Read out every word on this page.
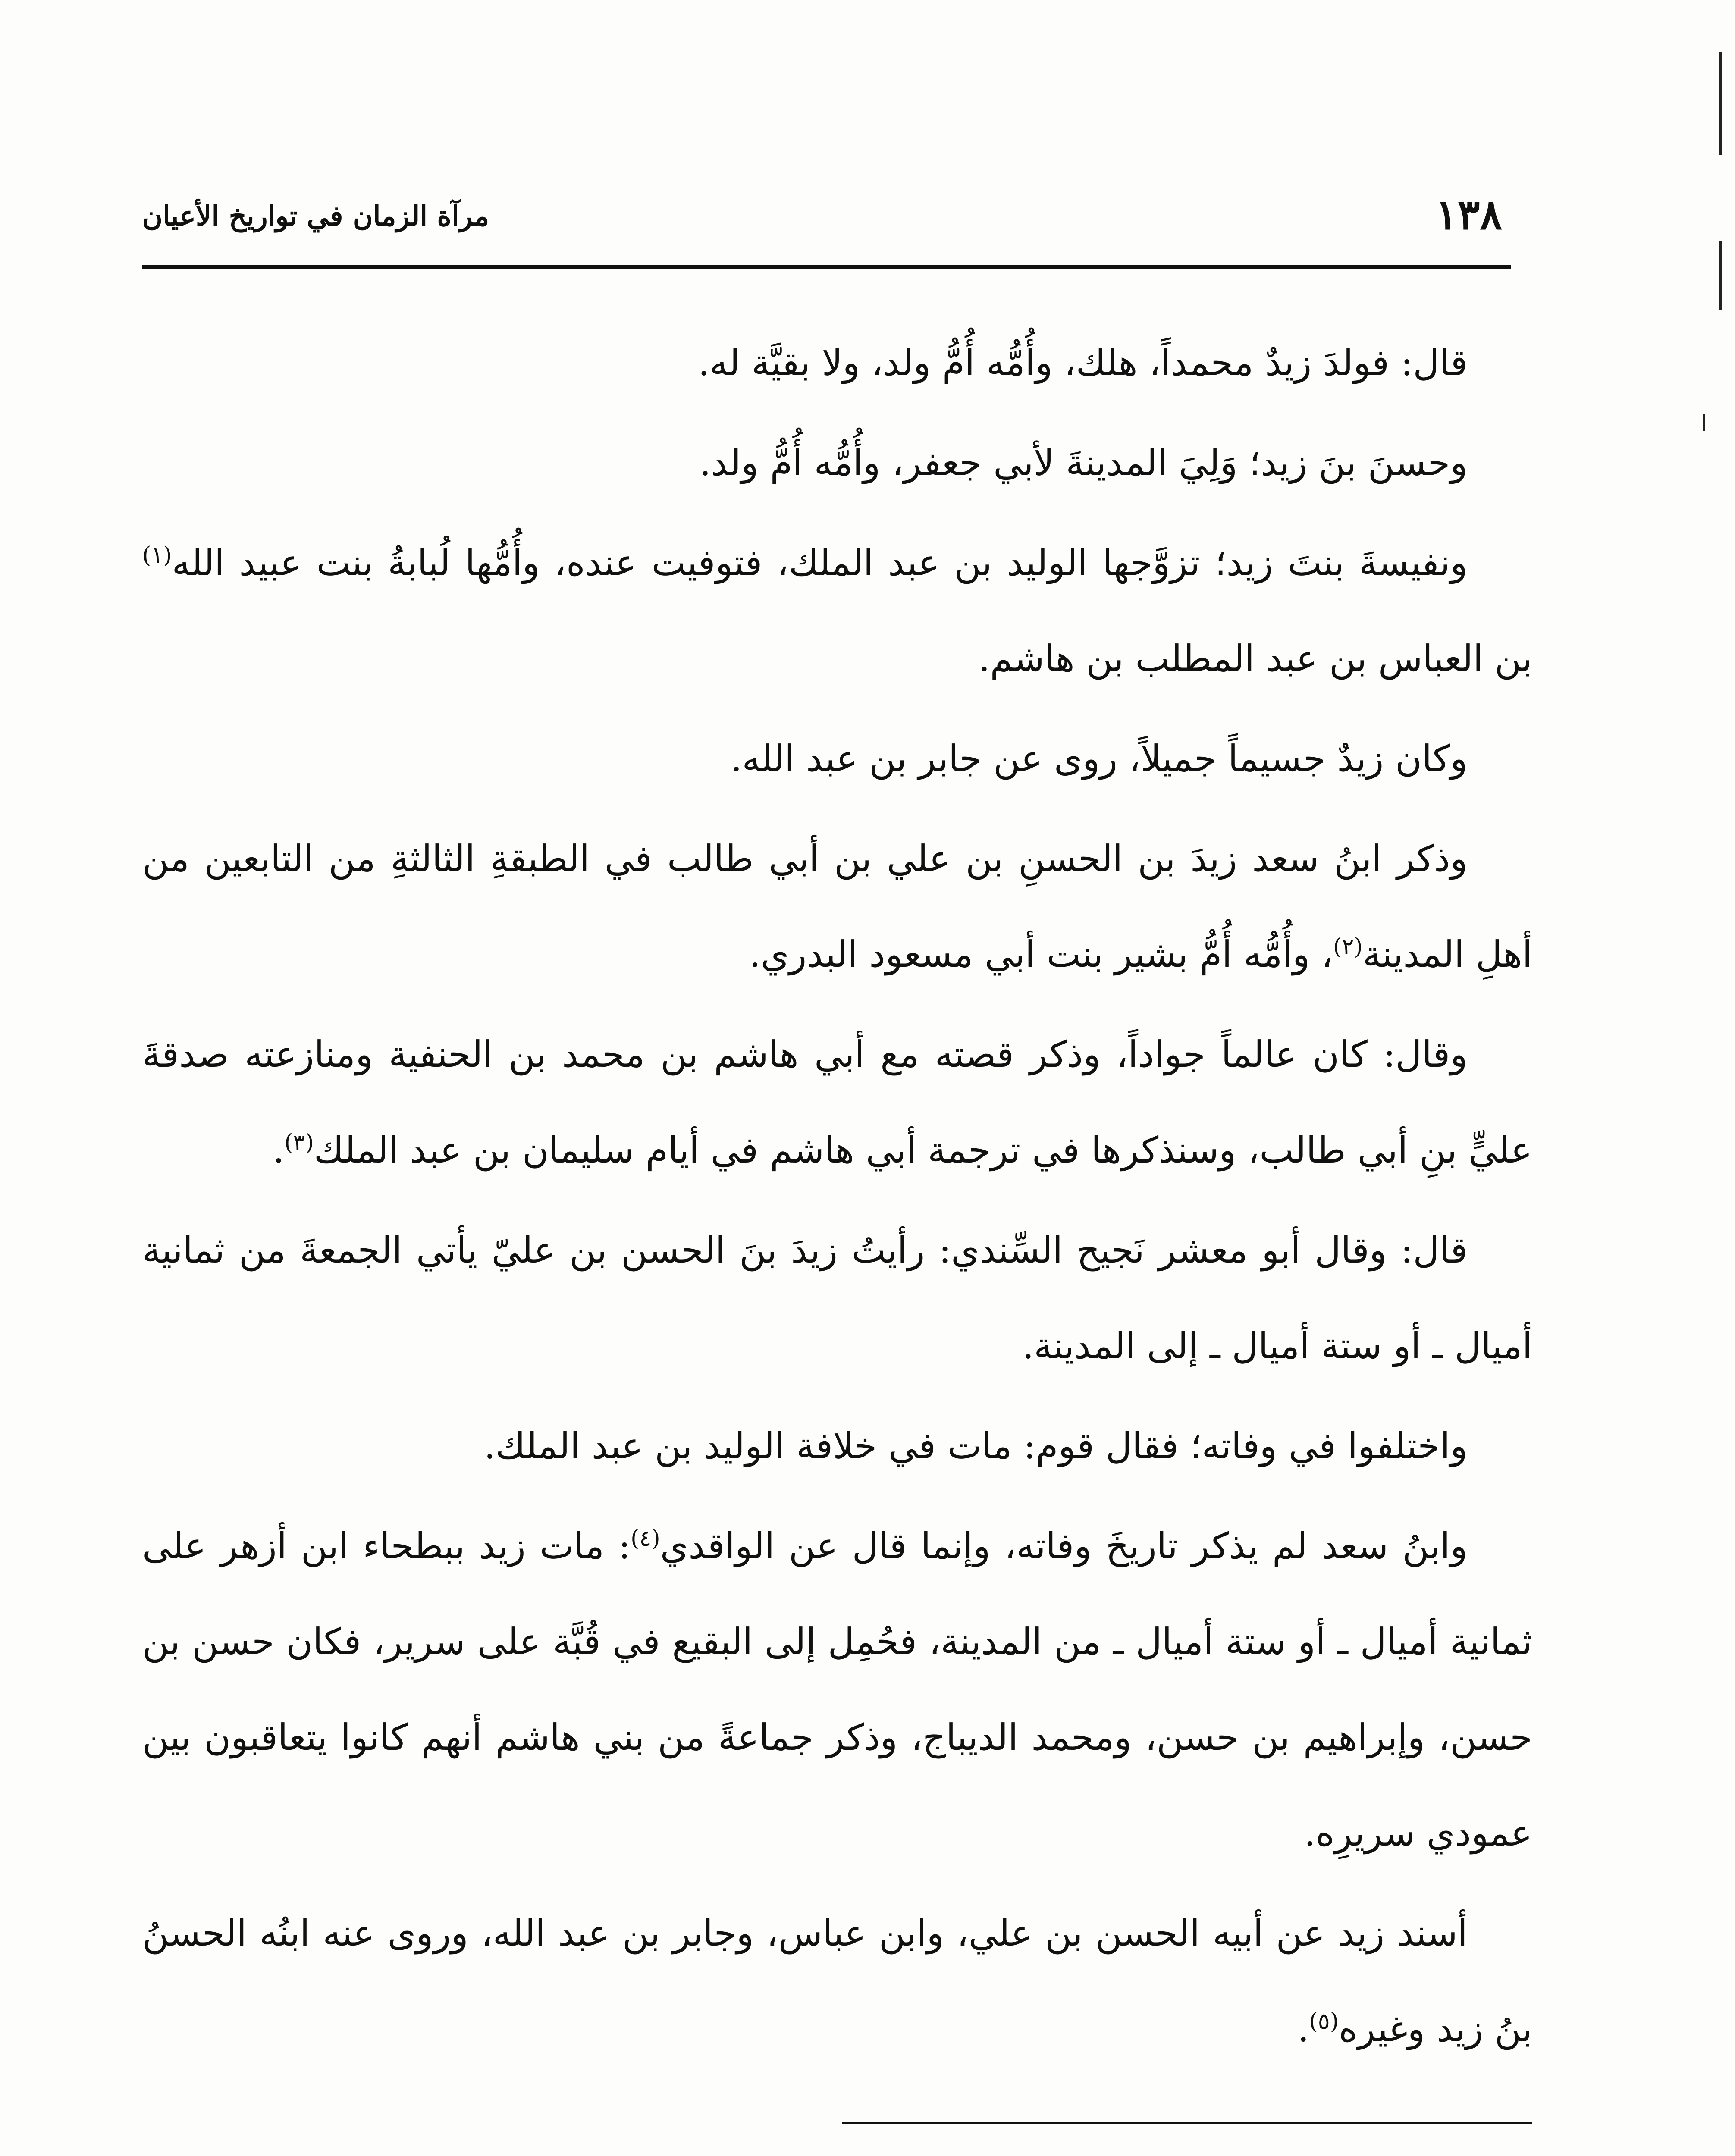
١٣٨
مرآة الزمان في تواريخ الأعيان

قال: فولدَ زيدٌ محمداً، هلك، وأُمُّه أُمُّ ولد، ولا بقيَّة له.

وحسنَ بنَ زيد؛ وَلِيَ المدينةَ لأبي جعفر، وأُمُّه أُمُّ ولد.

ونفيسةَ بنتَ زيد؛ تزوَّجها الوليد بن عبد الملك، فتوفيت عنده، وأُمُّها لُبابةُ بنت عبيد الله$^{(١)}$ بن العباس بن عبد المطلب بن هاشم.

وكان زيدٌ جسيماً جميلاً، روى عن جابر بن عبد الله.

وذكر ابنُ سعد زيدَ بن الحسنِ بن علي بن أبي طالب في الطبقةِ الثالثةِ من التابعين من أهلِ المدينة$^{(٢)}$، وأُمُّه أُمُّ بشير بنت أبي مسعود البدري.

وقال: كان عالماً جواداً، وذكر قصته مع أبي هاشم بن محمد بن الحنفية ومنازعته صدقةَ عليٍّ بنِ أبي طالب، وسنذكرها في ترجمة أبي هاشم في أيام سليمان بن عبد الملك$^{(٣)}$.

قال: وقال أبو معشر نَجيح السِّندي: رأيتُ زيدَ بنَ الحسن بن عليّ يأتي الجمعةَ من ثمانية أميال ـ أو ستة أميال ـ إلى المدينة.

واختلفوا في وفاته؛ فقال قوم: مات في خلافة الوليد بن عبد الملك.

وابنُ سعد لم يذكر تاريخَ وفاته، وإنما قال عن الواقدي$^{(٤)}$: مات زيد ببطحاء ابن أزهر على ثمانية أميال ـ أو ستة أميال ـ من المدينة، فحُمِل إلى البقيع في قُبَّة على سرير، فكان حسن بن حسن، وإبراهيم بن حسن، ومحمد الديباج، وذكر جماعةً من بني هاشم أنهم كانوا يتعاقبون بين عمودي سريرِه.

أسند زيد عن أبيه الحسن بن علي، وابن عباس، وجابر بن عبد الله، وروى عنه ابنُه الحسنُ بنُ زيد وغيره$^{(٥)}$.
